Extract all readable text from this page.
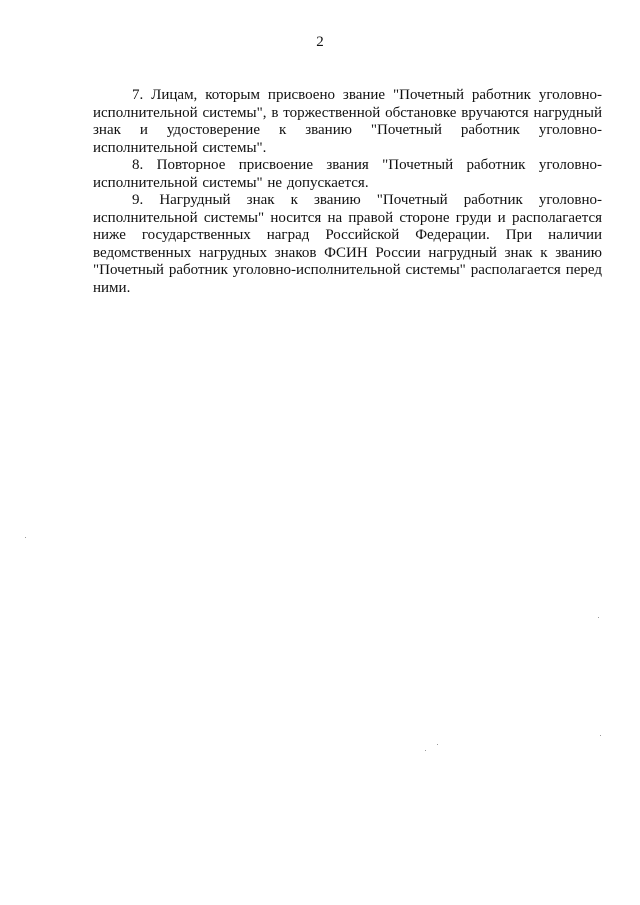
2

7. Лицам, которым присвоено звание "Почетный работник уголовно-исполнительной системы", в торжественной обстановке вручаются нагрудный знак и удостоверение к званию "Почетный работник уголовно-исполнительной системы".

8. Повторное присвоение звания "Почетный работник уголовно-исполнительной системы" не допускается.

9. Нагрудный знак к званию "Почетный работник уголовно-исполнительной системы" носится на правой стороне груди и располагается ниже государственных наград Российской Федерации. При наличии ведомственных нагрудных знаков ФСИН России нагрудный знак к званию "Почетный работник уголовно-исполнительной системы" располагается перед ними.
